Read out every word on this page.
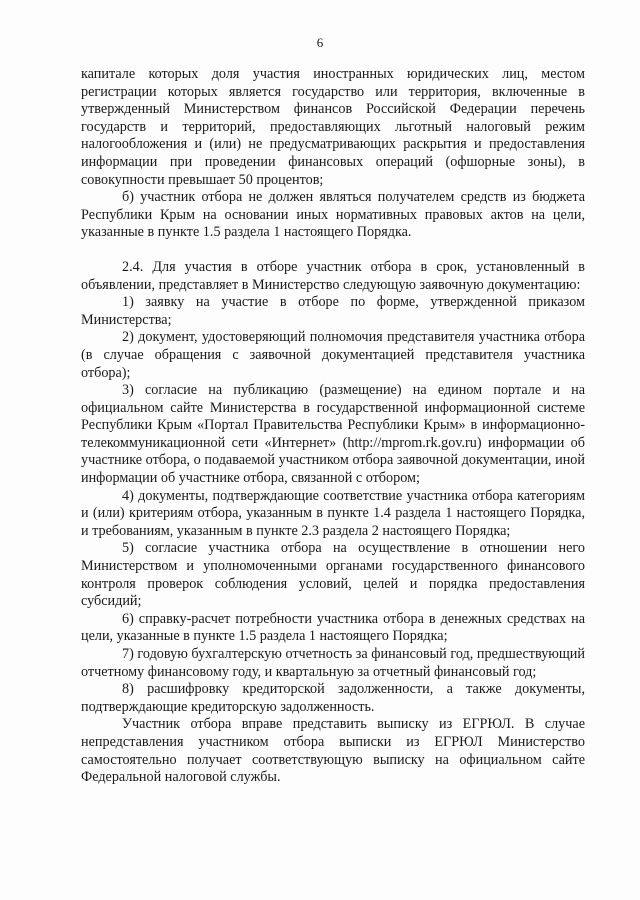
6

капитале которых доля участия иностранных юридических лиц, местом регистрации которых является государство или территория, включенные в утвержденный Министерством финансов Российской Федерации перечень государств и территорий, предоставляющих льготный налоговый режим налогообложения и (или) не предусматривающих раскрытия и предоставления информации при проведении финансовых операций (офшорные зоны), в совокупности превышает 50 процентов;

б) участник отбора не должен являться получателем средств из бюджета Республики Крым на основании иных нормативных правовых актов на цели, указанные в пункте 1.5 раздела 1 настоящего Порядка.

2.4. Для участия в отборе участник отбора в срок, установленный в объявлении, представляет в Министерство следующую заявочную документацию:

1) заявку на участие в отборе по форме, утвержденной приказом Министерства;

2) документ, удостоверяющий полномочия представителя участника отбора (в случае обращения с заявочной документацией представителя участника отбора);

3) согласие на публикацию (размещение) на едином портале и на официальном сайте Министерства в государственной информационной системе Республики Крым «Портал Правительства Республики Крым» в информационно-телекоммуникационной сети «Интернет» (http://mprom.rk.gov.ru) информации об участнике отбора, о подаваемой участником отбора заявочной документации, иной информации об участнике отбора, связанной с отбором;

4) документы, подтверждающие соответствие участника отбора категориям и (или) критериям отбора, указанным в пункте 1.4 раздела 1 настоящего Порядка, и требованиям, указанным в пункте 2.3 раздела 2 настоящего Порядка;

5) согласие участника отбора на осуществление в отношении него Министерством и уполномоченными органами государственного финансового контроля проверок соблюдения условий, целей и порядка предоставления субсидий;

6) справку-расчет потребности участника отбора в денежных средствах на цели, указанные в пункте 1.5 раздела 1 настоящего Порядка;

7) годовую бухгалтерскую отчетность за финансовый год, предшествующий отчетному финансовому году, и квартальную за отчетный финансовый год;

8) расшифровку кредиторской задолженности, а также документы, подтверждающие кредиторскую задолженность.

Участник отбора вправе представить выписку из ЕГРЮЛ. В случае непредставления участником отбора выписки из ЕГРЮЛ Министерство самостоятельно получает соответствующую выписку на официальном сайте Федеральной налоговой службы.
